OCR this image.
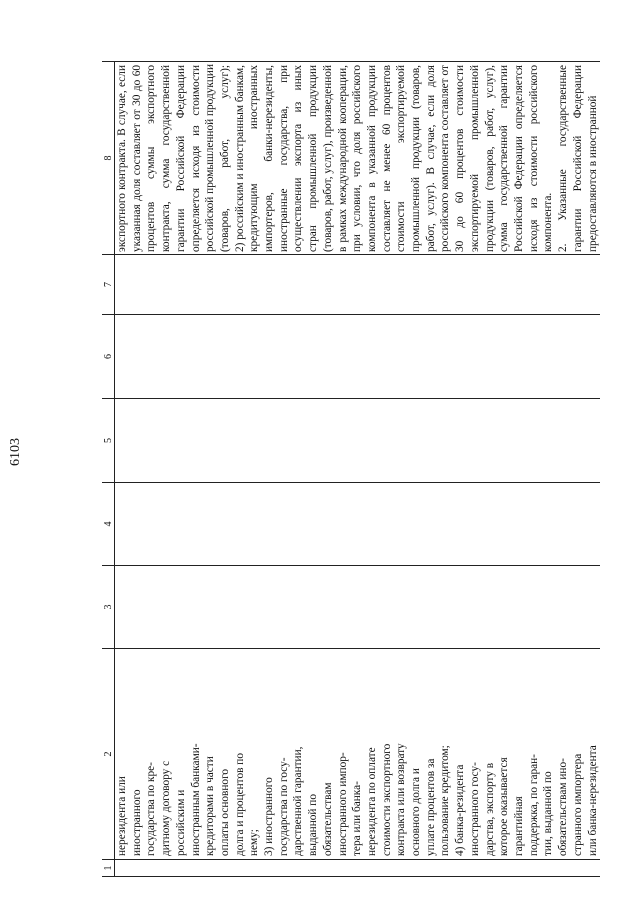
6103
1
2
нерезидента или иностранного государства по кре- дитному договору с российским и иностранным банками- кредиторами в части оплаты основного долга и процентов по нему; 3) иностранного государства по госу- дарственной гарантии, выданной по обязательствам иностранного импор- тера или банка- нерезидента по оплате стоимости экспортного контракта или возврату основного долга и уплате процентов за пользование кредитом; 4) банка-резидента иностранного госу- дарства, экспорту в которое оказывается гарантийная поддержка, по гаран- тии, выданной по обязательствам ино- странного импортера или банка-нерезидента
3
4
5
6
7
8 экспортного контракта. В случае, если указанная доля составляет от 30 до 60 процентов суммы экспортного контракта, сумма государственной гарантии Российской Федерации определяется исходя из стоимости российской промышленной продукции (товаров, работ, услуг); 2) российским и иностранным банкам, кредитующим иностранных импортеров, банки-нерезиденты, иностранные государства, при осуществлении экспорта из иных стран промышленной продукции (товаров, работ, услуг), произведенной в рамках международной кооперации, при условии, что доля российского компонента в указанной продукции составляет не менее 60 процентов стоимости экспортируемой промышленной продукции (товаров, работ, услуг). В случае, если доля российского компонента составляет от 30 до 60 процентов стоимости экспортируемой промышленной продукции (товаров, работ, услуг), сумма государственной гарантии Российской Федерации определяется исходя из стоимости российского компонента. 2. Указанные государственные гарантии Российской Федерации предоставляются в иностранной
